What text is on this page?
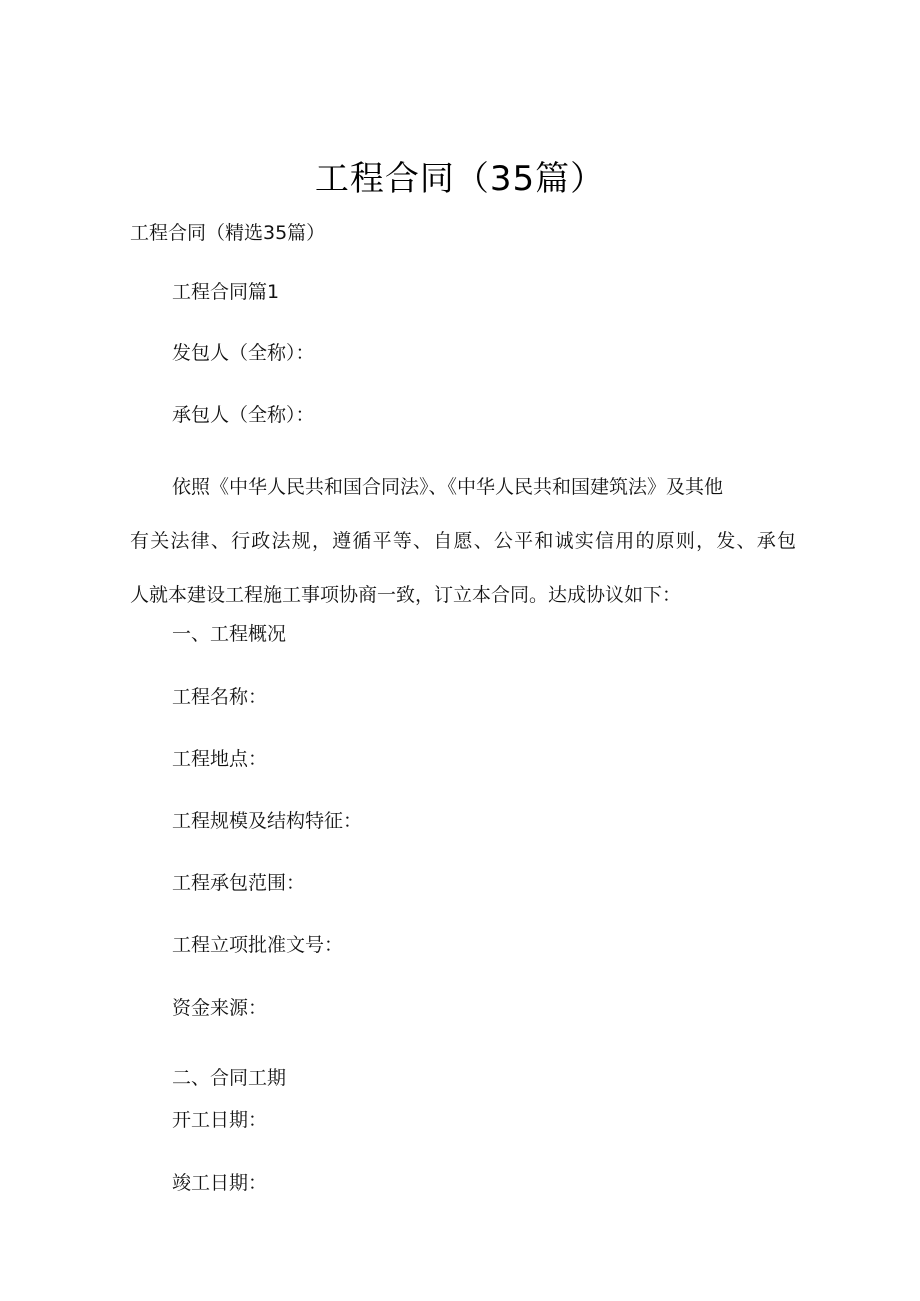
工程合同（35篇）
工程合同（精选35篇）
工程合同篇1
发包人（全称）：
承包人（全称）：
依照《中华人民共和国合同法》、《中华人民共和国建筑法》及其他
有关法律、行政法规，遵循平等、自愿、公平和诚实信用的原则，发、承包
人就本建设工程施工事项协商一致，订立本合同。达成协议如下：
一、工程概况
工程名称：
工程地点：
工程规模及结构特征：
工程承包范围：
工程立项批准文号：
资金来源：
二、合同工期
开工日期：
竣工日期：
